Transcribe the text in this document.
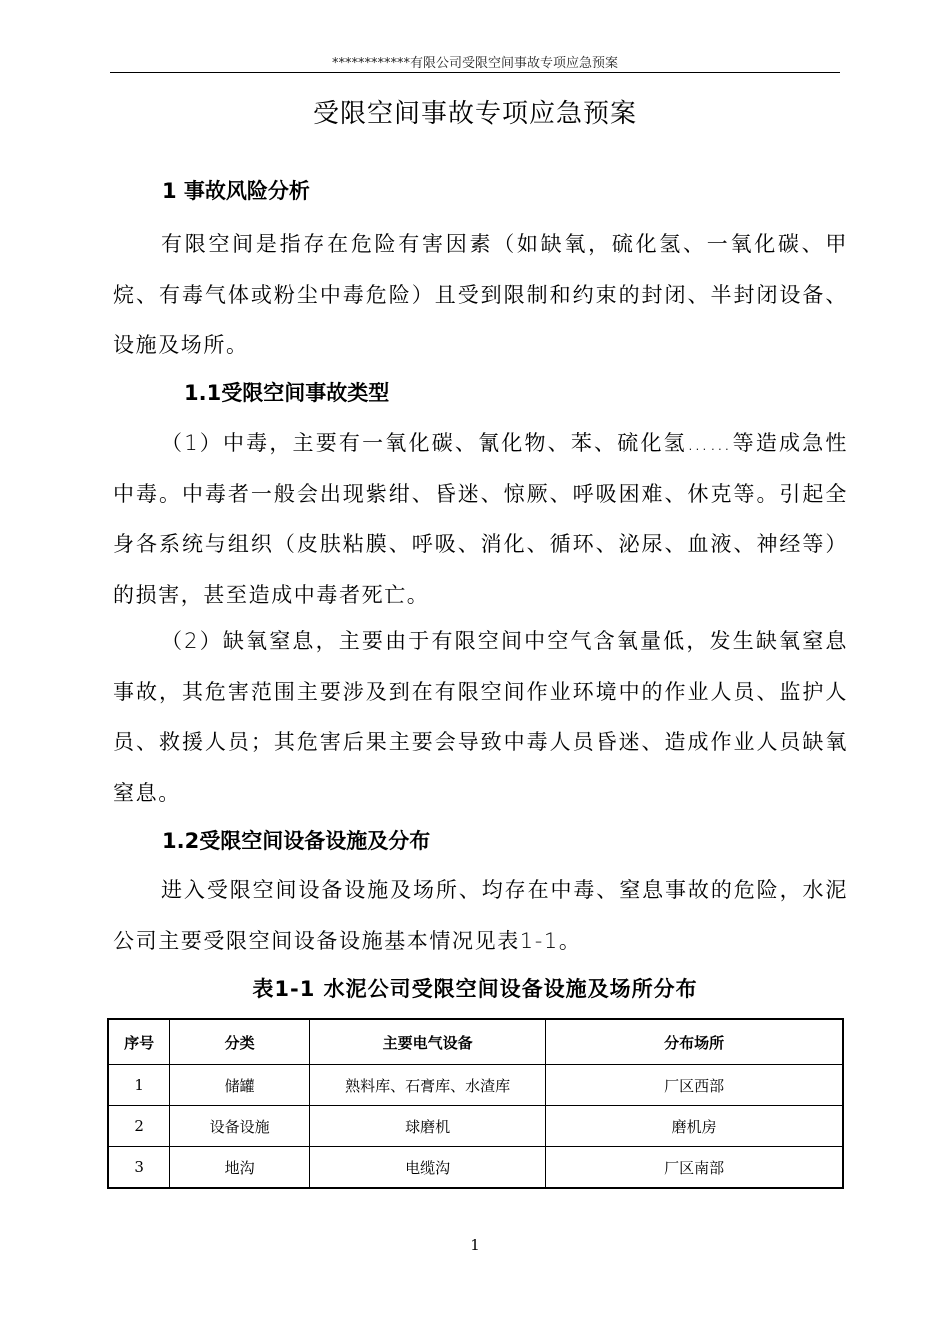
************有限公司受限空间事故专项应急预案
受限空间事故专项应急预案
1 事故风险分析

有限空间是指存在危险有害因素（如缺氧，硫化氢、一氧化碳、甲烷、有毒气体或粉尘中毒危险）且受到限制和约束的封闭、半封闭设备、设施及场所。

1.1受限空间事故类型

（1）中毒，主要有一氧化碳、氰化物、苯、硫化氢……等造成急性中毒。中毒者一般会出现紫绀、昏迷、惊厥、呼吸困难、休克等。引起全身各系统与组织（皮肤粘膜、呼吸、消化、循环、泌尿、血液、神经等）的损害，甚至造成中毒者死亡。

（2）缺氧窒息，主要由于有限空间中空气含氧量低，发生缺氧窒息事故，其危害范围主要涉及到在有限空间作业环境中的作业人员、监护人员、救援人员；其危害后果主要会导致中毒人员昏迷、造成作业人员缺氧窒息。

1.2受限空间设备设施及分布

进入受限空间设备设施及场所、均存在中毒、窒息事故的危险，水泥公司主要受限空间设备设施基本情况见表1-1。

表1-1 水泥公司受限空间设备设施及场所分布
序号	分类	主要电气设备	分布场所
1	储罐	熟料库、石膏库、水渣库	厂区西部
2	设备设施	球磨机	磨机房
3	地沟	电缆沟	厂区南部
1
